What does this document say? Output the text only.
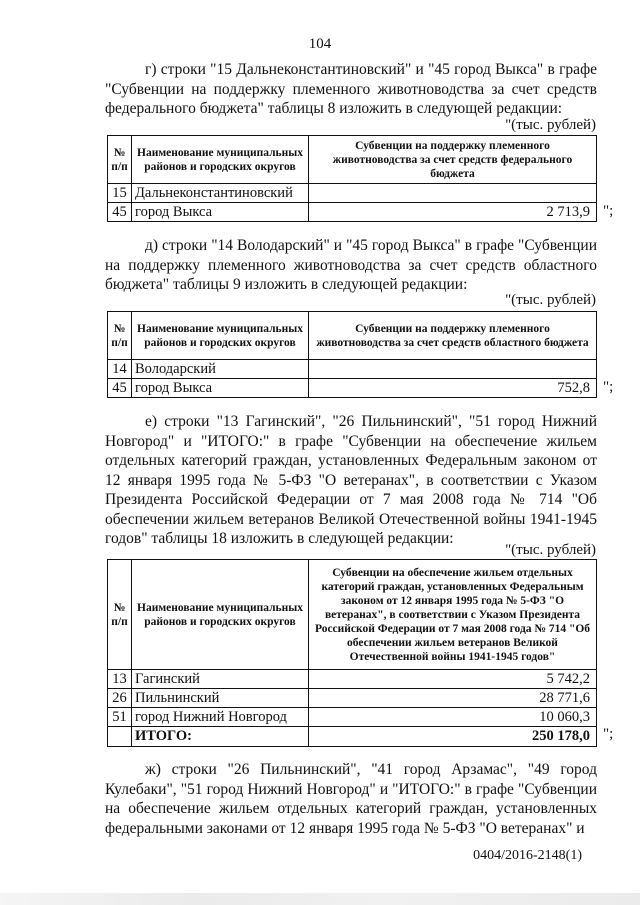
104

г) строки "15 Дальнеконстантиновский" и "45 город Выкса" в графе "Субвенции на поддержку племенного животноводства за счет средств федерального бюджета" таблицы 8 изложить в следующей редакции:

"(тыс. рублей)
№ п/п	Наименование муниципальных районов и городских округов	Субвенции на поддержку племенного животноводства за счет средств федерального бюджета
15	Дальнеконстантиновский	
45	город Выкса	2 713,9 ";

д) строки "14 Володарский" и "45 город Выкса" в графе "Субвенции на поддержку племенного животноводства за счет средств областного бюджета" таблицы 9 изложить в следующей редакции:

"(тыс. рублей)
№ п/п	Наименование муниципальных районов и городских округов	Субвенции на поддержку племенного животноводства за счет средств областного бюджета
14	Володарский	
45	город Выкса	752,8 ";

е) строки "13 Гагинский", "26 Пильнинский", "51 город Нижний Новгород" и "ИТОГО:" в графе "Субвенции на обеспечение жильем отдельных категорий граждан, установленных Федеральным законом от 12 января 1995 года № 5-ФЗ "О ветеранах", в соответствии с Указом Президента Российской Федерации от 7 мая 2008 года № 714 "Об обеспечении жильем ветеранов Великой Отечественной войны 1941-1945 годов" таблицы 18 изложить в следующей редакции:

"(тыс. рублей)
№ п/п	Наименование муниципальных районов и городских округов	Субвенции на обеспечение жильем отдельных категорий граждан, установленных Федеральным законом от 12 января 1995 года № 5-ФЗ "О ветеранах", в соответствии с Указом Президента Российской Федерации от 7 мая 2008 года № 714 "Об обеспечении жильем ветеранов Великой Отечественной войны 1941-1945 годов"
13	Гагинский	5 742,2
26	Пильнинский	28 771,6
51	город Нижний Новгород	10 060,3
	ИТОГО:	250 178,0 ";

ж) строки "26 Пильнинский", "41 город Арзамас", "49 город Кулебаки", "51 город Нижний Новгород" и "ИТОГО:" в графе "Субвенции на обеспечение жильем отдельных категорий граждан, установленных федеральными законами от 12 января 1995 года № 5-ФЗ "О ветеранах" и

0404/2016-2148(1)
